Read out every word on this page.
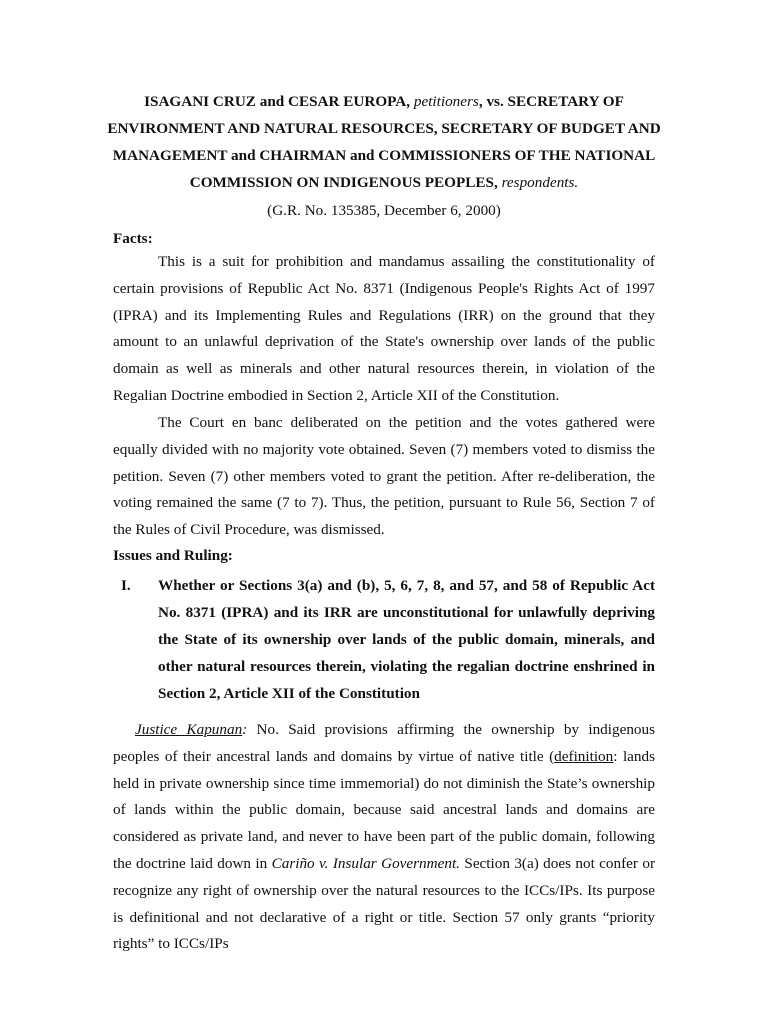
ISAGANI CRUZ and CESAR EUROPA, petitioners, vs. SECRETARY OF ENVIRONMENT AND NATURAL RESOURCES, SECRETARY OF BUDGET AND MANAGEMENT and CHAIRMAN and COMMISSIONERS OF THE NATIONAL COMMISSION ON INDIGENOUS PEOPLES, respondents.
(G.R. No. 135385, December 6, 2000)
Facts:

This is a suit for prohibition and mandamus assailing the constitutionality of certain provisions of Republic Act No. 8371 (Indigenous People's Rights Act of 1997 (IPRA) and its Implementing Rules and Regulations (IRR) on the ground that they amount to an unlawful deprivation of the State's ownership over lands of the public domain as well as minerals and other natural resources therein, in violation of the Regalian Doctrine embodied in Section 2, Article XII of the Constitution.

The Court en banc deliberated on the petition and the votes gathered were equally divided with no majority vote obtained. Seven (7) members voted to dismiss the petition. Seven (7) other members voted to grant the petition. After re-deliberation, the voting remained the same (7 to 7). Thus, the petition, pursuant to Rule 56, Section 7 of the Rules of Civil Procedure, was dismissed.

Issues and Ruling:
I. Whether or Sections 3(a) and (b), 5, 6, 7, 8, and 57, and 58 of Republic Act No. 8371 (IPRA) and its IRR are unconstitutional for unlawfully depriving the State of its ownership over lands of the public domain, minerals, and other natural resources therein, violating the regalian doctrine enshrined in Section 2, Article XII of the Constitution

Justice Kapunan: No. Said provisions affirming the ownership by indigenous peoples of their ancestral lands and domains by virtue of native title (definition: lands held in private ownership since time immemorial) do not diminish the State’s ownership of lands within the public domain, because said ancestral lands and domains are considered as private land, and never to have been part of the public domain, following the doctrine laid down in Cariño v. Insular Government. Section 3(a) does not confer or recognize any right of ownership over the natural resources to the ICCs/IPs. Its purpose is definitional and not declarative of a right or title. Section 57 only grants “priority rights” to ICCs/IPs
